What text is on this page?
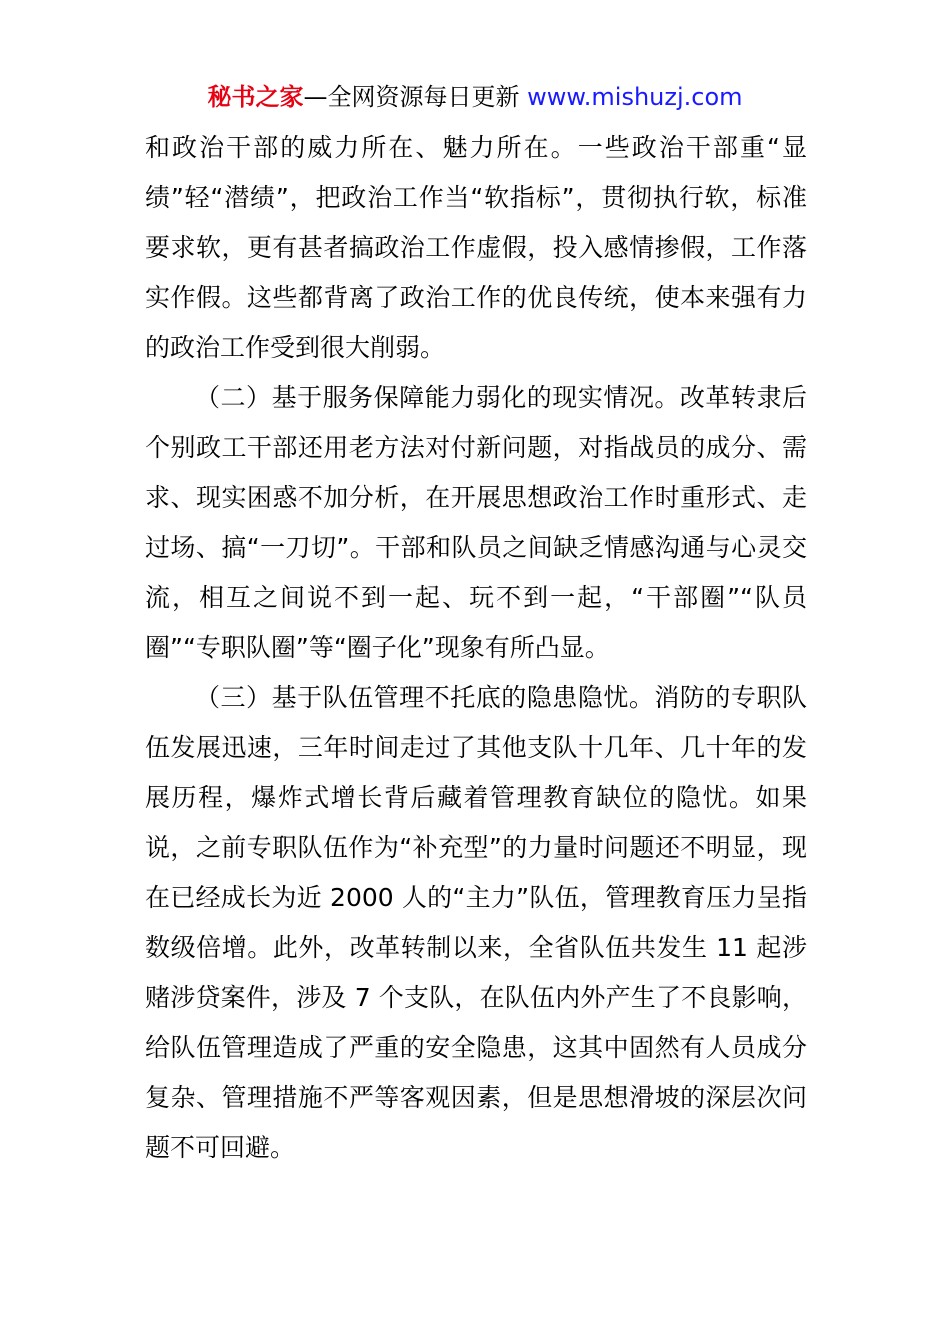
秘书之家—全网资源每日更新 www.mishuzj.com

和政治干部的威力所在、魅力所在。一些政治干部重“显绩”轻“潜绩”，把政治工作当“软指标”，贯彻执行软，标准要求软，更有甚者搞政治工作虚假，投入感情掺假，工作落实作假。这些都背离了政治工作的优良传统，使本来强有力的政治工作受到很大削弱。

（二）基于服务保障能力弱化的现实情况。改革转隶后个别政工干部还用老方法对付新问题，对指战员的成分、需求、现实困惑不加分析，在开展思想政治工作时重形式、走过场、搞“一刀切”。干部和队员之间缺乏情感沟通与心灵交流，相互之间说不到一起、玩不到一起，“干部圈”“队员圈”“专职队圈”等“圈子化”现象有所凸显。

（三）基于队伍管理不托底的隐患隐忧。消防的专职队伍发展迅速，三年时间走过了其他支队十几年、几十年的发展历程，爆炸式增长背后藏着管理教育缺位的隐忧。如果说，之前专职队伍作为“补充型”的力量时问题还不明显，现在已经成长为近 2000 人的“主力”队伍，管理教育压力呈指数级倍增。此外，改革转制以来，全省队伍共发生 11 起涉赌涉贷案件，涉及 7 个支队，在队伍内外产生了不良影响，给队伍管理造成了严重的安全隐患，这其中固然有人员成分复杂、管理措施不严等客观因素，但是思想滑坡的深层次问题不可回避。
